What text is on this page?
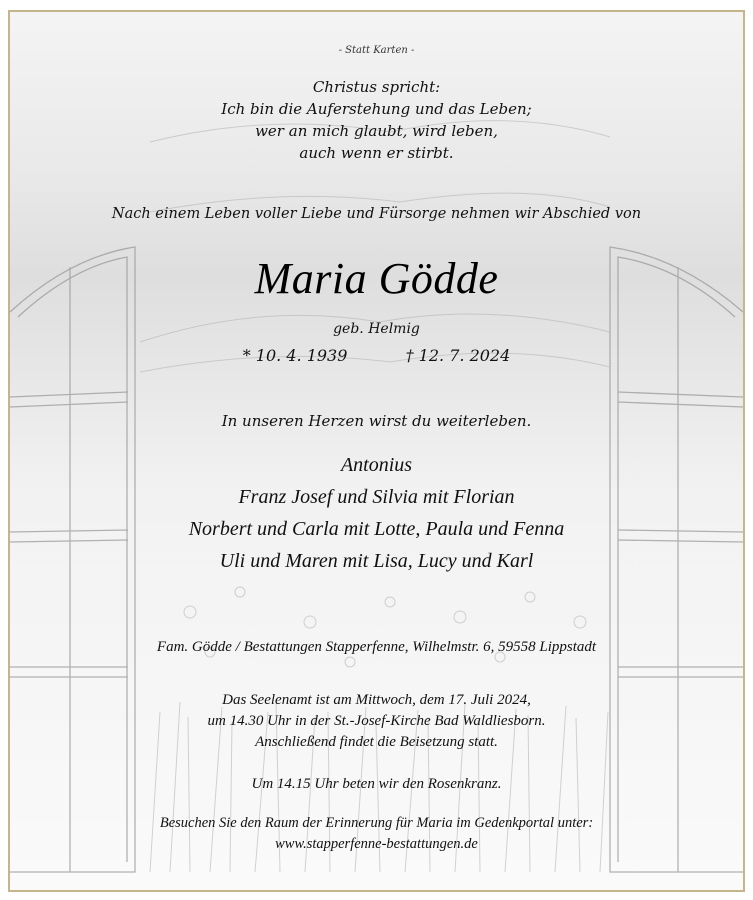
- Statt Karten -
Christus spricht:
Ich bin die Auferstehung und das Leben;
wer an mich glaubt, wird leben,
auch wenn er stirbt.
Nach einem Leben voller Liebe und Fürsorge nehmen wir Abschied von
Maria Gödde
geb. Helmig
* 10. 4. 1939	† 12. 7. 2024
In unseren Herzen wirst du weiterleben.
Antonius
Franz Josef und Silvia mit Florian
Norbert und Carla mit Lotte, Paula und Fenna
Uli und Maren mit Lisa, Lucy und Karl
Fam. Gödde / Bestattungen Stapperfenne, Wilhelmstr. 6, 59558 Lippstadt
Das Seelenamt ist am Mittwoch, dem 17. Juli 2024,
um 14.30 Uhr in der St.-Josef-Kirche Bad Waldliesborn.
Anschließend findet die Beisetzung statt.
Um 14.15 Uhr beten wir den Rosenkranz.
Besuchen Sie den Raum der Erinnerung für Maria im Gedenkportal unter:
www.stapperfenne-bestattungen.de
